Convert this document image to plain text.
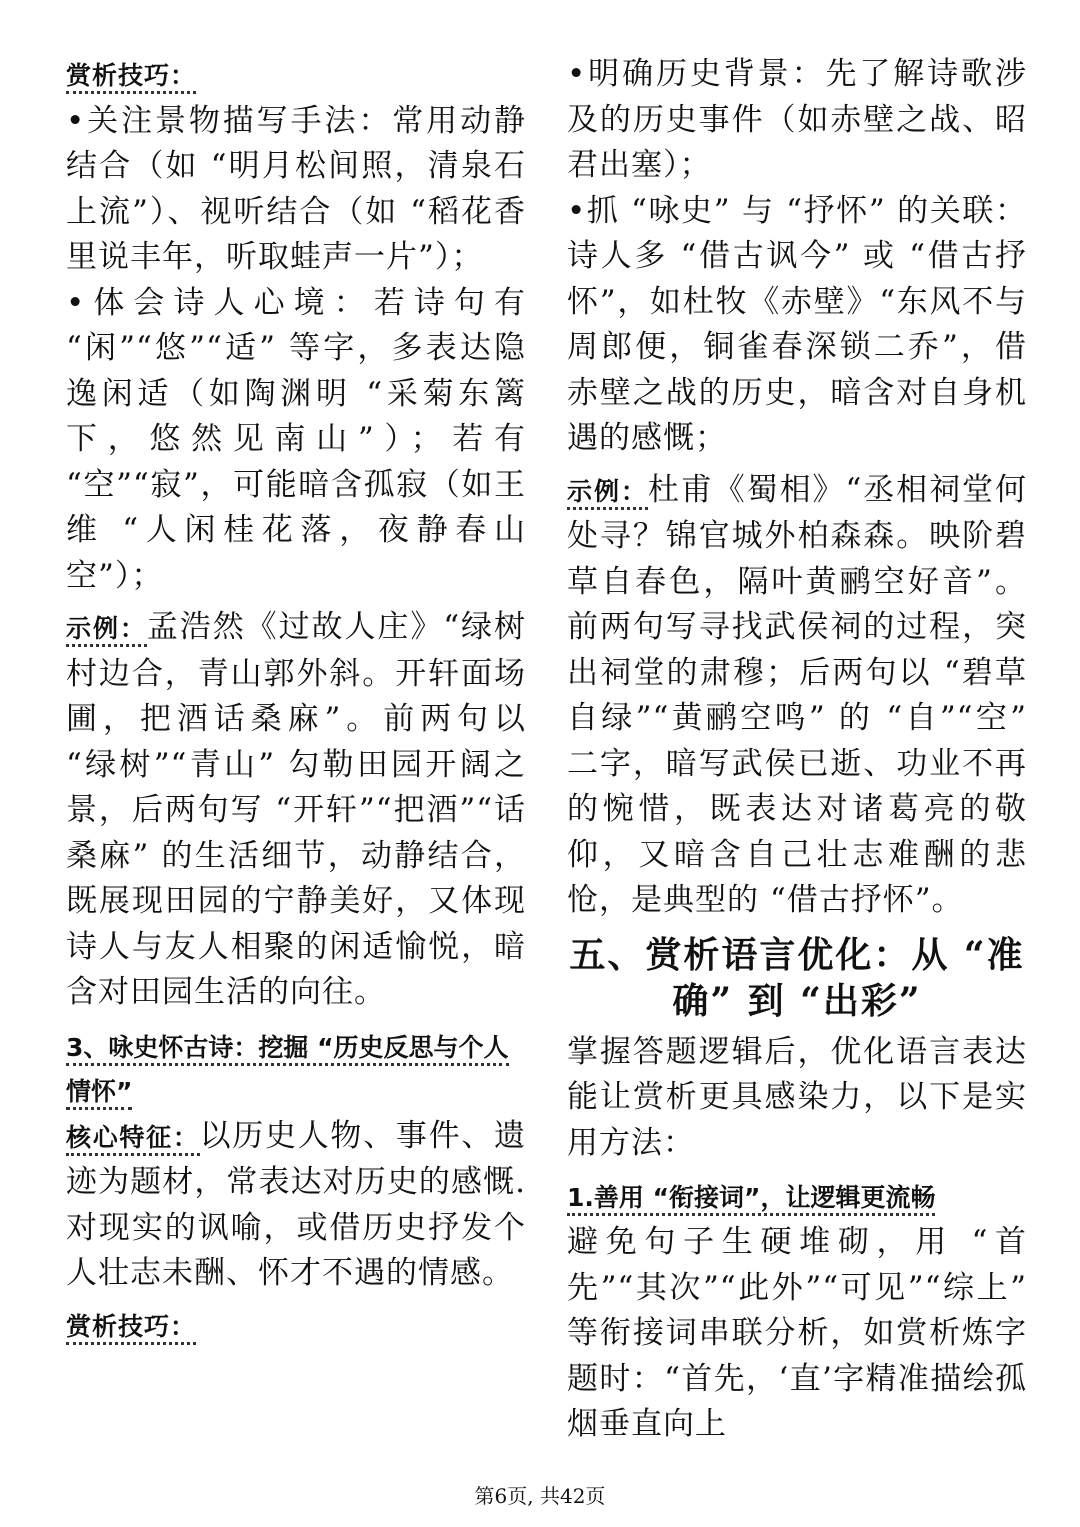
赏析技巧：

•关注景物描写手法：常用动静结合（如 “明月松间照，清泉石上流”）、视听结合（如 “稻花香里说丰年，听取蛙声一片”）；

•体会诗人心境：若诗句有 “闲”“悠”“适” 等字，多表达隐逸闲适（如陶渊明 “采菊东篱下，悠然见南山”）；若有 “空”“寂”，可能暗含孤寂（如王维 “人闲桂花落，夜静春山空”）；

示例：孟浩然《过故人庄》“绿树村边合，青山郭外斜。开轩面场圃，把酒话桑麻”。前两句以 “绿树”“青山” 勾勒田园开阔之景，后两句写 “开轩”“把酒”“话桑麻” 的生活细节，动静结合，既展现田园的宁静美好，又体现诗人与友人相聚的闲适愉悦，暗含对田园生活的向往。

3、咏史怀古诗：挖掘 “历史反思与个人情怀”

核心特征：以历史人物、事件、遗迹为题材，常表达对历史的感慨. 对现实的讽喻，或借历史抒发个人壮志未酬、怀才不遇的情感。

赏析技巧：

•明确历史背景：先了解诗歌涉及的历史事件（如赤壁之战、昭君出塞）；

•抓 “咏史” 与 “抒怀” 的关联：诗人多 “借古讽今” 或 “借古抒怀”，如杜牧《赤壁》“东风不与周郎便，铜雀春深锁二乔”，借赤壁之战的历史，暗含对自身机遇的感慨；

示例：杜甫《蜀相》“丞相祠堂何处寻？锦官城外柏森森。映阶碧草自春色，隔叶黄鹂空好音”。前两句写寻找武侯祠的过程，突出祠堂的肃穆；后两句以 “碧草自绿”“黄鹂空鸣” 的 “自”“空” 二字，暗写武侯已逝、功业不再的惋惜，既表达对诸葛亮的敬仰，又暗含自己壮志难酬的悲怆，是典型的 “借古抒怀”。

五、赏析语言优化：从 “准确” 到 “出彩”

掌握答题逻辑后，优化语言表达能让赏析更具感染力，以下是实用方法：

1.善用 “衔接词”，让逻辑更流畅

避免句子生硬堆砌，用 “首先”“其次”“此外”“可见”“综上” 等衔接词串联分析，如赏析炼字题时：“首先，‘直’字精准描绘孤烟垂直向上

第6页, 共42页
